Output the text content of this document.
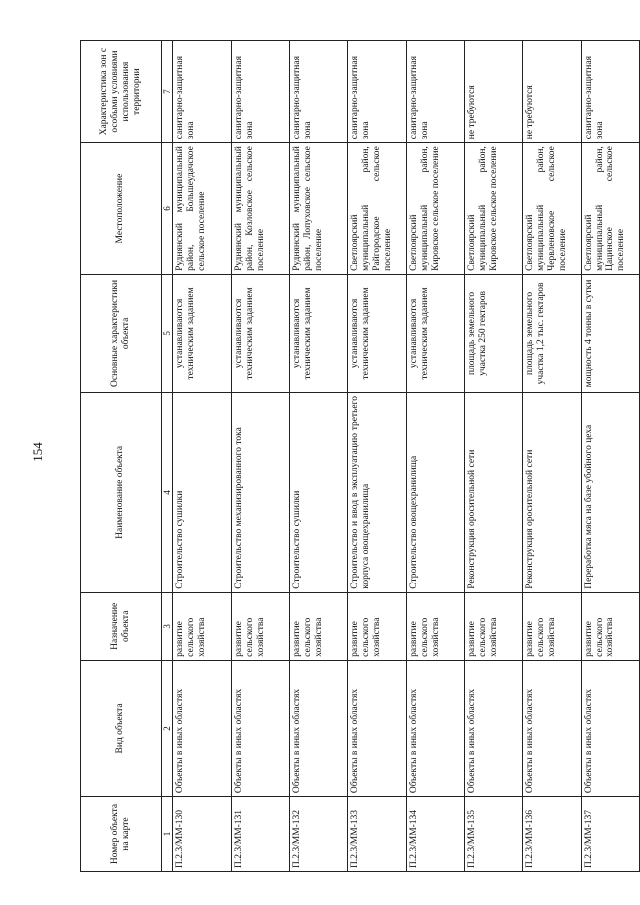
154
Номер объекта на карте	Вид объекта	Назначение объекта	Наименование объекта	Основные характеристики объекта	Местоположение	Характеристика зон с особыми условиями использования территории
1	2	3	4	5	6	7
П.2.3/ММ-130	Объекты в иных областях	развитие сельского хозяйства	Строительство сушилки	устанавливаются техническим заданием	Руднянский муниципальный район, Большеудачское сельское поселение	санитарно-защитная зона
П.2.3/ММ-131	Объекты в иных областях	развитие сельского хозяйства	Строительство механизированного тока	устанавливаются техническим заданием	Руднянский муниципальный район, Козловское сельское поселение	санитарно-защитная зона
П.2.3/ММ-132	Объекты в иных областях	развитие сельского хозяйства	Строительство сушилки	устанавливаются техническим заданием	Руднянский муниципальный район, Лопуховское сельское поселение	санитарно-защитная зона
П.2.3/ММ-133	Объекты в иных областях	развитие сельского хозяйства	Строительство и ввод в эксплуатацию третьего корпуса овощехранилища	устанавливаются техническим заданием	Светлоярский муниципальный район, Райгородское сельское поселение	санитарно-защитная зона
П.2.3/ММ-134	Объекты в иных областях	развитие сельского хозяйства	Строительство овощехранилища	устанавливаются техническим заданием	Светлоярский муниципальный район, Кировское сельское поселение	санитарно-защитная зона
П.2.3/ММ-135	Объекты в иных областях	развитие сельского хозяйства	Реконструкция оросительной сети	площадь земельного участка 250 гектаров	Светлоярский муниципальный район, Кировское сельское поселение	не требуются
П.2.3/ММ-136	Объекты в иных областях	развитие сельского хозяйства	Реконструкция оросительной сети	площадь земельного участка 1,2 тыс. гектаров	Светлоярский муниципальный район, Червленовское сельское поселение	не требуются
П.2.3/ММ-137	Объекты в иных областях	развитие сельского хозяйства	Переработка мяса на базе убойного цеха	мощность 4 тонны в сутки	Светлоярский муниципальный район, Цацинское сельское поселение	санитарно-защитная зона
